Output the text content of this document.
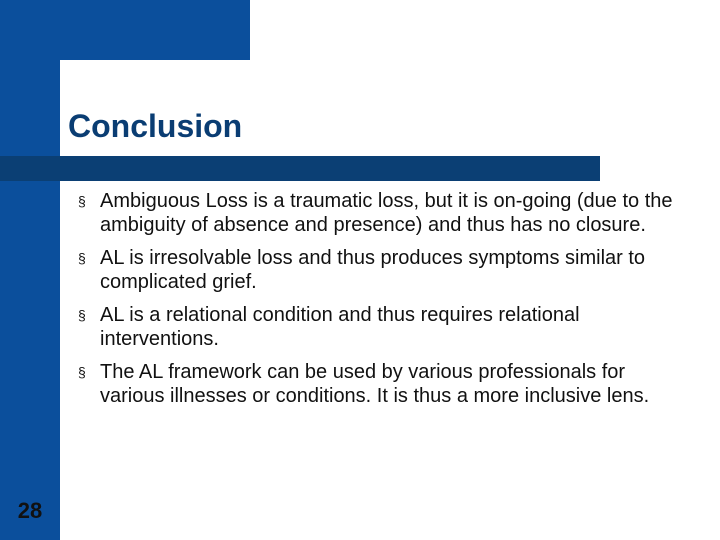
Conclusion
§ Ambiguous Loss is a traumatic loss, but it is on-going (due to the ambiguity of absence and presence) and thus has no closure.
§ AL is irresolvable loss and thus produces symptoms similar to complicated grief.
§ AL is a relational condition and thus requires relational interventions.
§ The AL framework can be used by various professionals for various illnesses or conditions. It is thus a more inclusive lens.
28
